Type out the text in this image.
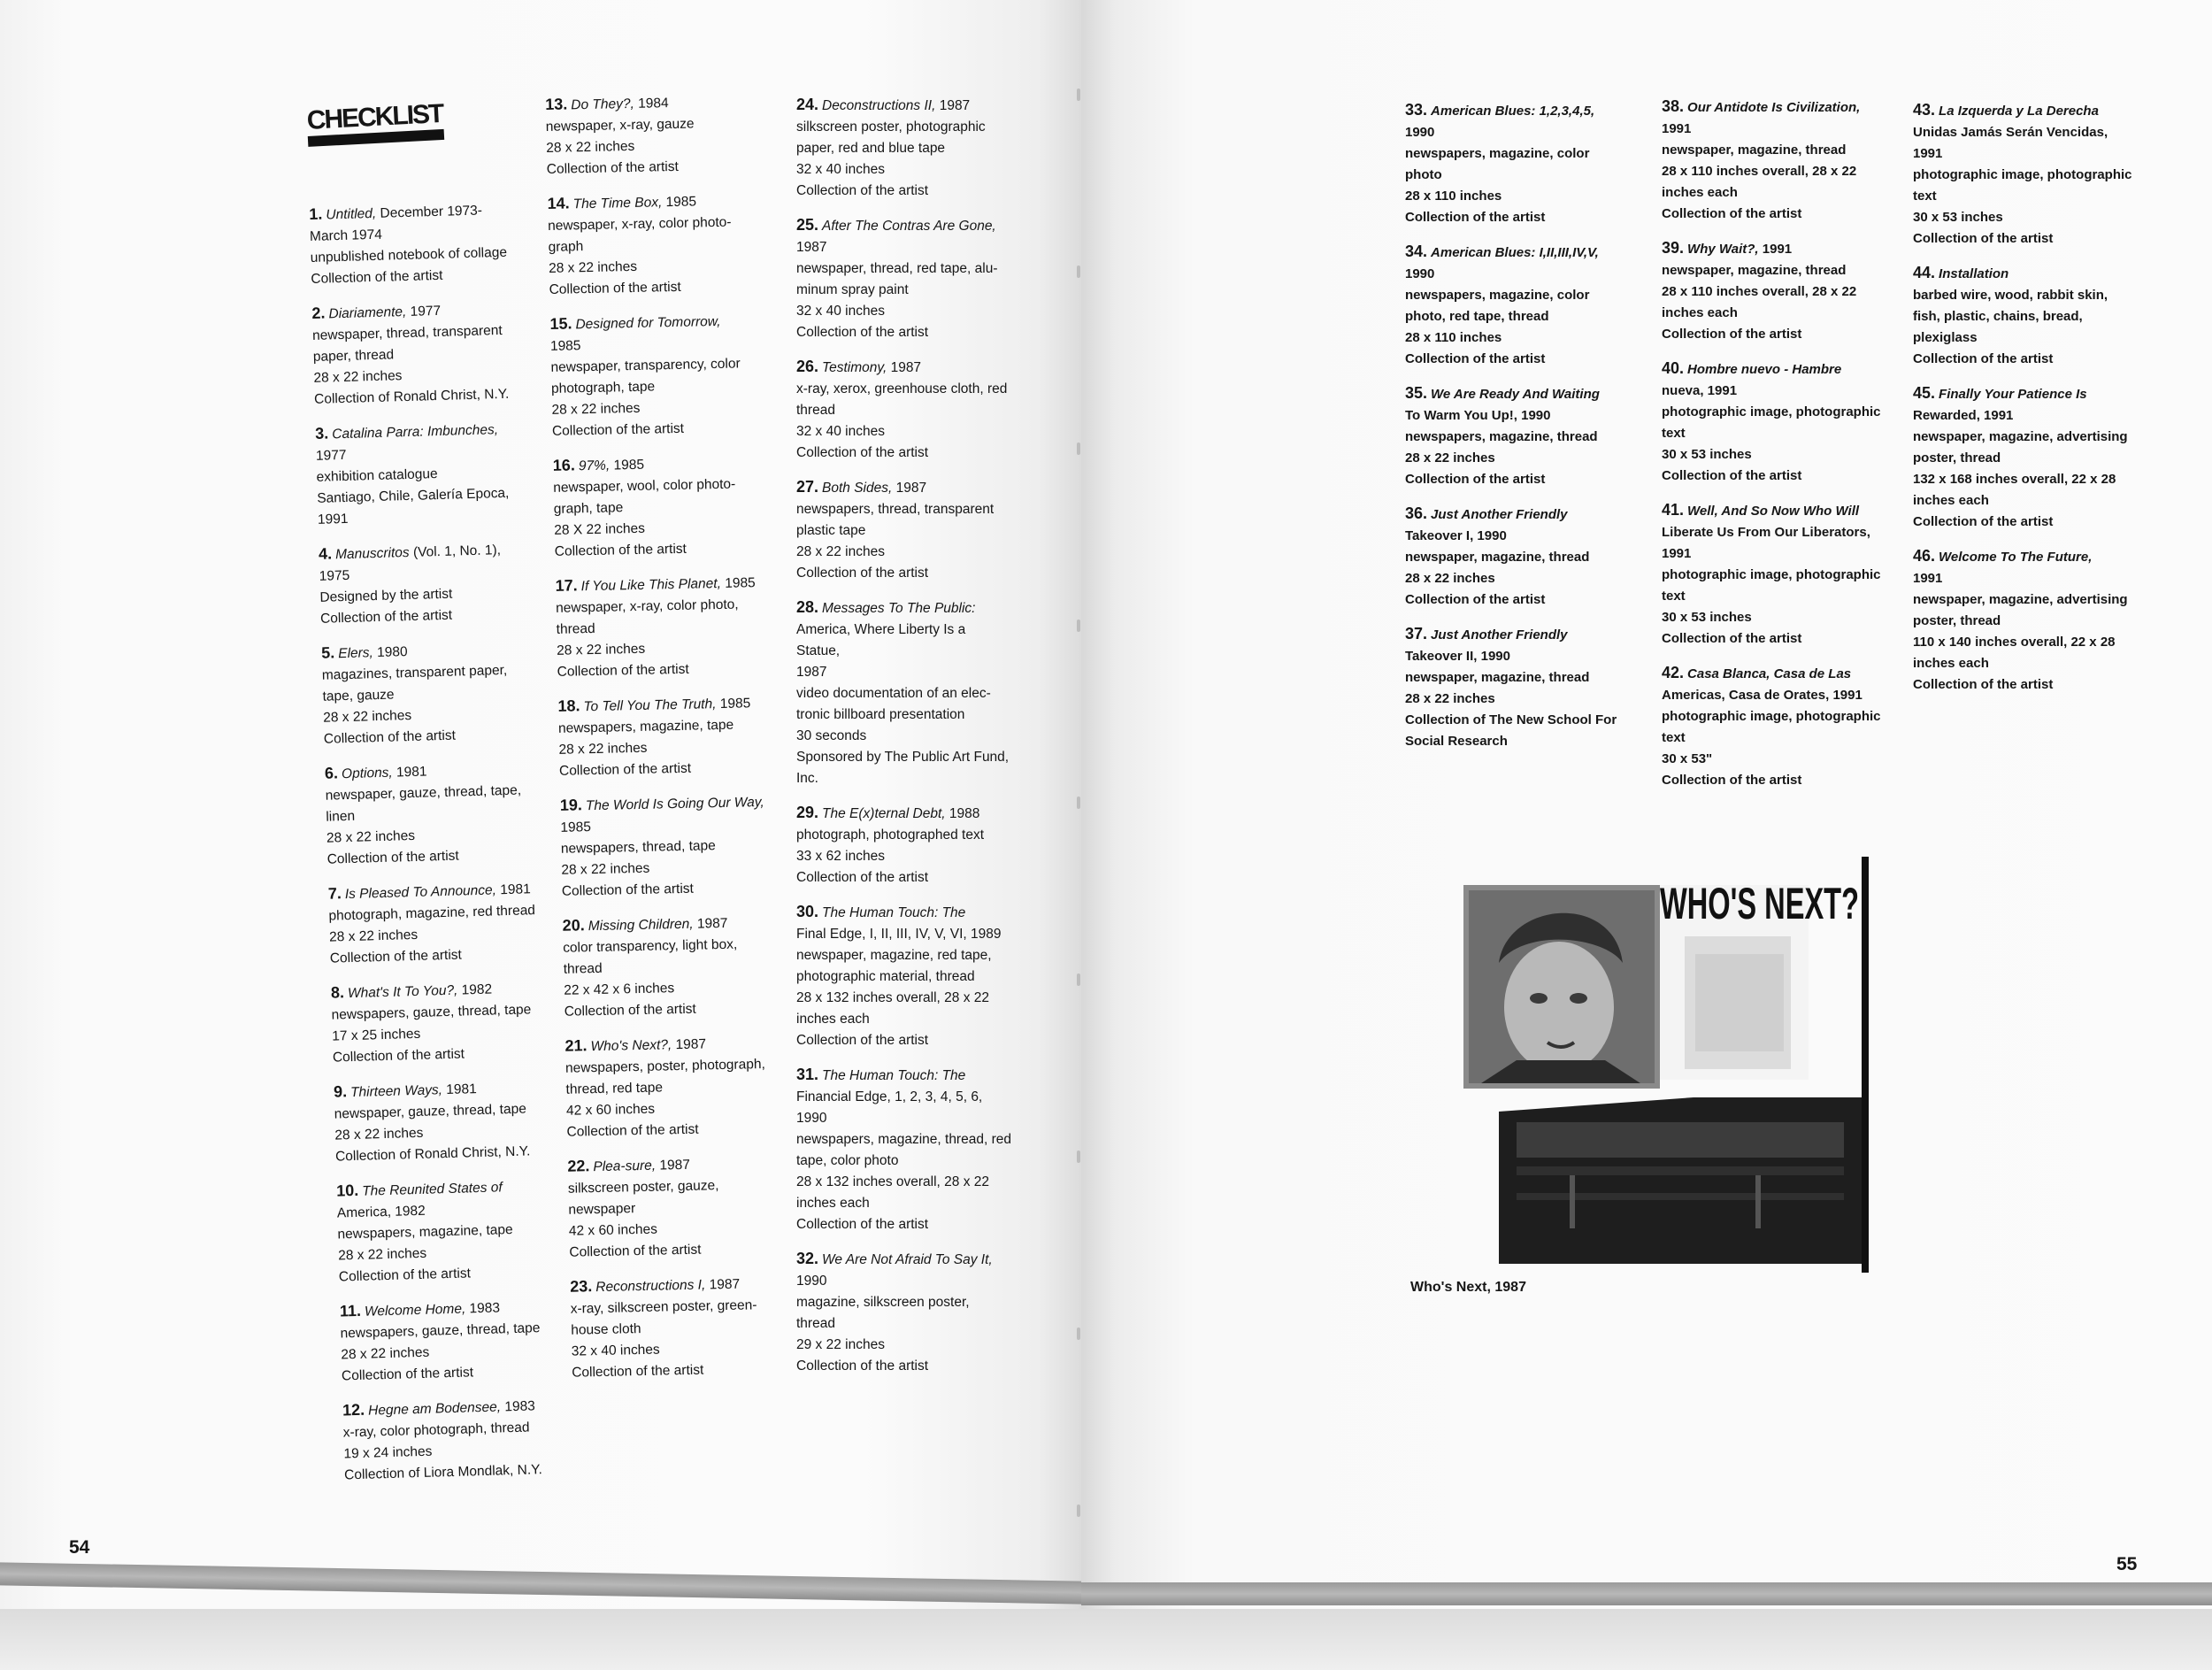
CHECKLIST
1. Untitled, December 1973-
March 1974
unpublished notebook of collage
Collection of the artist
2. Diariamente, 1977
newspaper, thread, transparent
paper, thread
28 x 22 inches
Collection of Ronald Christ, N.Y.
3. Catalina Parra: Imbunches,
1977
exhibition catalogue
Santiago, Chile, Galería Epoca,
1991
4. Manuscritos (Vol. 1, No. 1),
1975
Designed by the artist
Collection of the artist
5. Elers, 1980
magazines, transparent paper,
tape, gauze
28 x 22 inches
Collection of the artist
6. Options, 1981
newspaper, gauze, thread, tape,
linen
28 x 22 inches
Collection of the artist
7. Is Pleased To Announce, 1981
photograph, magazine, red thread
28 x 22 inches
Collection of the artist
8. What's It To You?, 1982
newspapers, gauze, thread, tape
17 x 25 inches
Collection of the artist
9. Thirteen Ways, 1981
newspaper, gauze, thread, tape
28 x 22 inches
Collection of Ronald Christ, N.Y.
10. The Reunited States of
America, 1982
newspapers, magazine, tape
28 x 22 inches
Collection of the artist
11. Welcome Home, 1983
newspapers, gauze, thread, tape
28 x 22 inches
Collection of the artist
12. Hegne am Bodensee, 1983
x-ray, color photograph, thread
19 x 24 inches
Collection of Liora Mondlak, N.Y.
13. Do They?, 1984
newspaper, x-ray, gauze
28 x 22 inches
Collection of the artist
14. The Time Box, 1985
newspaper, x-ray, color photo-
graph
28 x 22 inches
Collection of the artist
15. Designed for Tomorrow,
1985
newspaper, transparency, color
photograph, tape
28 x 22 inches
Collection of the artist
16. 97%, 1985
newspaper, wool, color photo-
graph, tape
28 X 22 inches
Collection of the artist
17. If You Like This Planet, 1985
newspaper, x-ray, color photo,
thread
28 x 22 inches
Collection of the artist
18. To Tell You The Truth, 1985
newspapers, magazine, tape
28 x 22 inches
Collection of the artist
19. The World Is Going Our Way,
1985
newspapers, thread, tape
28 x 22 inches
Collection of the artist
20. Missing Children, 1987
color transparency, light box,
thread
22 x 42 x 6 inches
Collection of the artist
21. Who's Next?, 1987
newspapers, poster, photograph,
thread, red tape
42 x 60 inches
Collection of the artist
22. Plea-sure, 1987
silkscreen poster, gauze,
newspaper
42 x 60 inches
Collection of the artist
23. Reconstructions I, 1987
x-ray, silkscreen poster, green-
house cloth
32 x 40 inches
Collection of the artist
24. Deconstructions II, 1987
silkscreen poster, photographic
paper, red and blue tape
32 x 40 inches
Collection of the artist
25. After The Contras Are Gone,
1987
newspaper, thread, red tape, alu-
minum spray paint
32 x 40 inches
Collection of the artist
26. Testimony, 1987
x-ray, xerox, greenhouse cloth, red
thread
32 x 40 inches
Collection of the artist
27. Both Sides, 1987
newspapers, thread, transparent
plastic tape
28 x 22 inches
Collection of the artist
28. Messages To The Public:
America, Where Liberty Is a
Statue,
1987
video documentation of an elec-
tronic billboard presentation
30 seconds
Sponsored by The Public Art Fund,
Inc.
29. The E(x)ternal Debt, 1988
photograph, photographed text
33 x 62 inches
Collection of the artist
30. The Human Touch: The
Final Edge, I, II, III, IV, V, VI, 1989
newspaper, magazine, red tape,
photographic material, thread
28 x 132 inches overall, 28 x 22
inches each
Collection of the artist
31. The Human Touch: The
Financial Edge, 1, 2, 3, 4, 5, 6,
1990
newspapers, magazine, thread, red
tape, color photo
28 x 132 inches overall, 28 x 22
inches each
Collection of the artist
32. We Are Not Afraid To Say It,
1990
magazine, silkscreen poster,
thread
29 x 22 inches
Collection of the artist
54
33. American Blues: 1,2,3,4,5,
1990
newspapers, magazine, color
photo
28 x 110 inches
Collection of the artist
34. American Blues: I,II,III,IV,V,
1990
newspapers, magazine, color
photo, red tape, thread
28 x 110 inches
Collection of the artist
35. We Are Ready And Waiting
To Warm You Up!, 1990
newspapers, magazine, thread
28 x 22 inches
Collection of the artist
36. Just Another Friendly
Takeover I, 1990
newspaper, magazine, thread
28 x 22 inches
Collection of the artist
37. Just Another Friendly
Takeover II, 1990
newspaper, magazine, thread
28 x 22 inches
Collection of The New School For
Social Research
38. Our Antidote Is Civilization,
1991
newspaper, magazine, thread
28 x 110 inches overall, 28 x 22
inches each
Collection of the artist
39. Why Wait?, 1991
newspaper, magazine, thread
28 x 110 inches overall, 28 x 22
inches each
Collection of the artist
40. Hombre nuevo - Hambre
nueva, 1991
photographic image, photographic
text
30 x 53 inches
Collection of the artist
41. Well, And So Now Who Will
Liberate Us From Our Liberators,
1991
photographic image, photographic
text
30 x 53 inches
Collection of the artist
42. Casa Blanca, Casa de Las
Americas, Casa de Orates, 1991
photographic image, photographic
text
30 x 53"
Collection of the artist
43. La Izquerda y La Derecha
Unidas Jamás Serán Vencidas,
1991
photographic image, photographic
text
30 x 53 inches
Collection of the artist
44. Installation
barbed wire, wood, rabbit skin,
fish, plastic, chains, bread,
plexiglass
Collection of the artist
45. Finally Your Patience Is
Rewarded, 1991
newspaper, magazine, advertising
poster, thread
132 x 168 inches overall, 22 x 28
inches each
Collection of the artist
46. Welcome To The Future,
1991
newspaper, magazine, advertising
poster, thread
110 x 140 inches overall, 22 x 28
inches each
Collection of the artist
WHO'S NEXT?
Who's Next, 1987
55
